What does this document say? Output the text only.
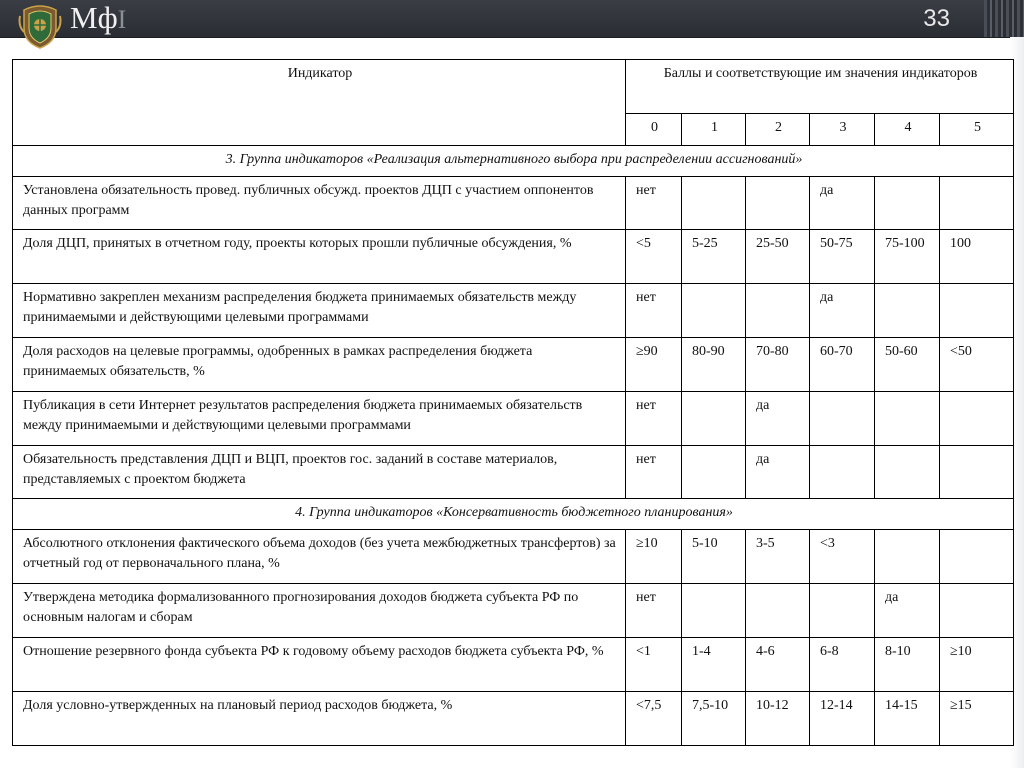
МфI	33
Индикатор	Баллы и соответствующие им значения индикаторов					
	0	1	2	3	4	5
3. Группа индикаторов «Реализация альтернативного выбора при распределении ассигнований»						
Установлена обязательность провед. публичных обсужд. проектов ДЦП с участием оппонентов данных программ	нет			да		
Доля ДЦП, принятых в отчетном году, проекты которых прошли публичные обсуждения, %	<5	5-25	25-50	50-75	75-100	100
Нормативно закреплен механизм распределения бюджета принимаемых обязательств между принимаемыми и действующими целевыми программами	нет			да		
Доля расходов на целевые программы, одобренных в рамках распределения бюджета принимаемых обязательств, %	≥90	80-90	70-80	60-70	50-60	<50
Публикация в сети Интернет результатов распределения бюджета принимаемых обязательств между принимаемыми и действующими целевыми программами	нет		да			
Обязательность представления ДЦП и ВЦП, проектов гос. заданий в составе материалов, представляемых с проектом бюджета	нет		да			
4. Группа индикаторов «Консервативность бюджетного планирования»						
Абсолютного отклонения фактического объема доходов (без учета межбюджетных трансфертов) за отчетный год от первоначального плана, %	≥10	5-10	3-5	<3		
Утверждена методика формализованного прогнозирования доходов бюджета субъекта РФ по основным налогам и сборам	нет				да	
Отношение резервного фонда субъекта РФ к годовому объему расходов бюджета субъекта РФ, %	<1	1-4	4-6	6-8	8-10	≥10
Доля условно-утвержденных на плановый период расходов бюджета, %	<7,5	7,5-10	10-12	12-14	14-15	≥15
